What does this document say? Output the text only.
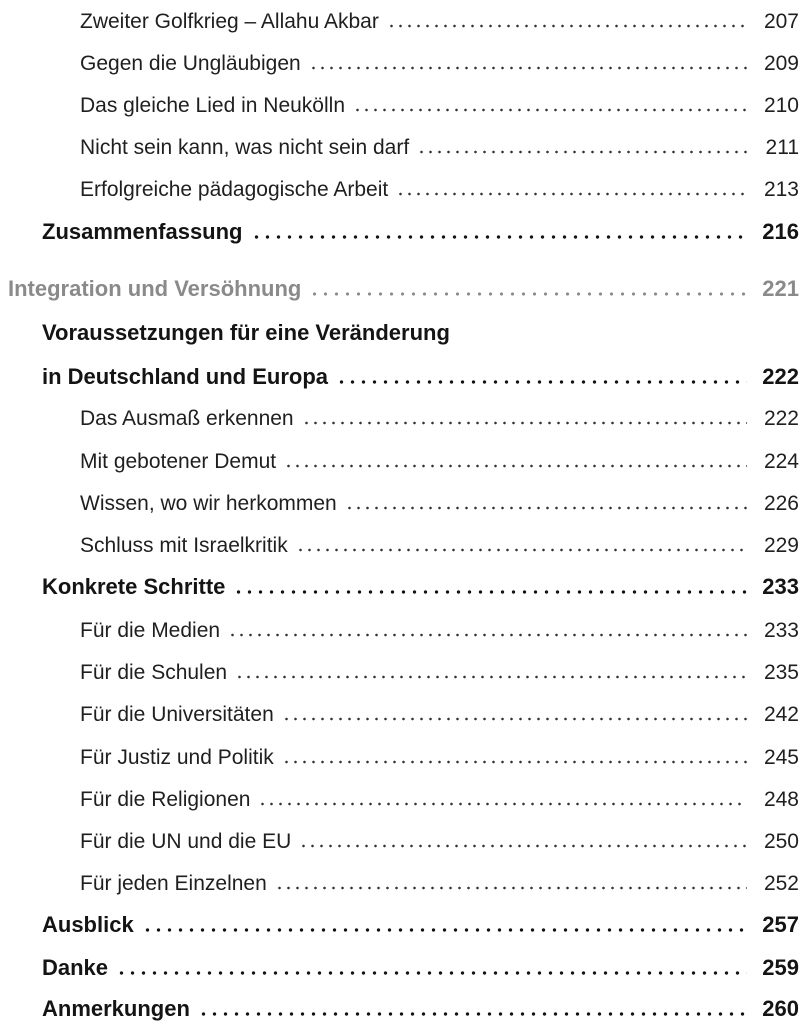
Zweiter Golfkrieg – Allahu Akbar	207
Gegen die Ungläubigen	209
Das gleiche Lied in Neukölln	210
Nicht sein kann, was nicht sein darf	211
Erfolgreiche pädagogische Arbeit	213
Zusammenfassung	216
Integration und Versöhnung	221
Voraussetzungen für eine Veränderung
in Deutschland und Europa	222
Das Ausmaß erkennen	222
Mit gebotener Demut	224
Wissen, wo wir herkommen	226
Schluss mit Israelkritik	229
Konkrete Schritte	233
Für die Medien	233
Für die Schulen	235
Für die Universitäten	242
Für Justiz und Politik	245
Für die Religionen	248
Für die UN und die EU	250
Für jeden Einzelnen	252
Ausblick	257
Danke	259
Anmerkungen	260
